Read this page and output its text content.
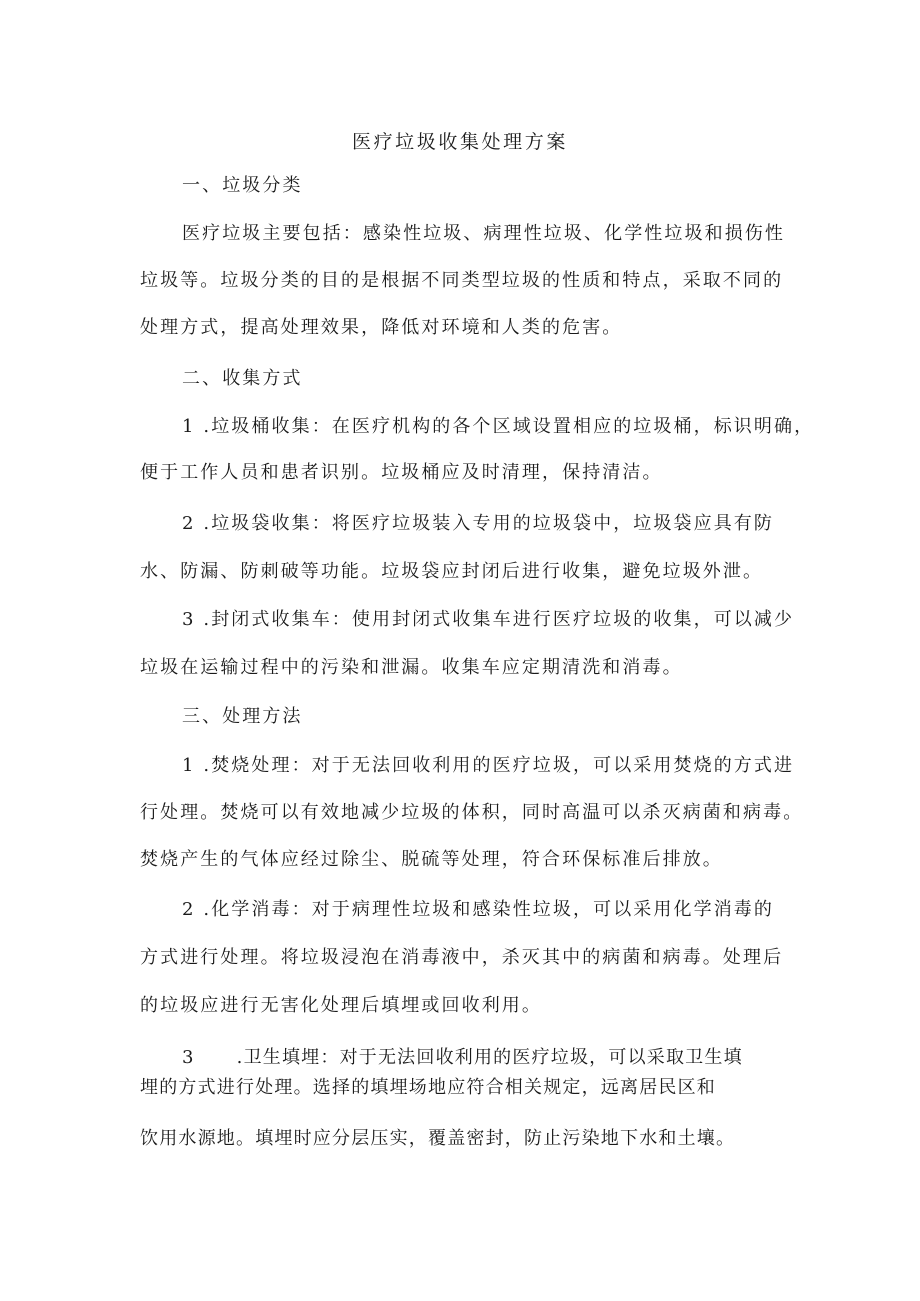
医疗垃圾收集处理方案
一、垃圾分类
医疗垃圾主要包括：感染性垃圾、病理性垃圾、化学性垃圾和损伤性
垃圾等。垃圾分类的目的是根据不同类型垃圾的性质和特点，采取不同的
处理方式，提高处理效果，降低对环境和人类的危害。
二、收集方式
1 .垃圾桶收集：在医疗机构的各个区域设置相应的垃圾桶，标识明确，
便于工作人员和患者识别。垃圾桶应及时清理，保持清洁。
2 .垃圾袋收集：将医疗垃圾装入专用的垃圾袋中，垃圾袋应具有防
水、防漏、防刺破等功能。垃圾袋应封闭后进行收集，避免垃圾外泄。
3 .封闭式收集车：使用封闭式收集车进行医疗垃圾的收集，可以减少
垃圾在运输过程中的污染和泄漏。收集车应定期清洗和消毒。
三、处理方法
1 .焚烧处理：对于无法回收利用的医疗垃圾，可以采用焚烧的方式进
行处理。焚烧可以有效地减少垃圾的体积，同时高温可以杀灭病菌和病毒。
焚烧产生的气体应经过除尘、脱硫等处理，符合环保标准后排放。
2 .化学消毒：对于病理性垃圾和感染性垃圾，可以采用化学消毒的
方式进行处理。将垃圾浸泡在消毒液中，杀灭其中的病菌和病毒。处理后
的垃圾应进行无害化处理后填埋或回收利用。
3 .卫生填埋：对于无法回收利用的医疗垃圾，可以采取卫生填
埋的方式进行处理。选择的填埋场地应符合相关规定，远离居民区和
饮用水源地。填埋时应分层压实，覆盖密封，防止污染地下水和土壤。
